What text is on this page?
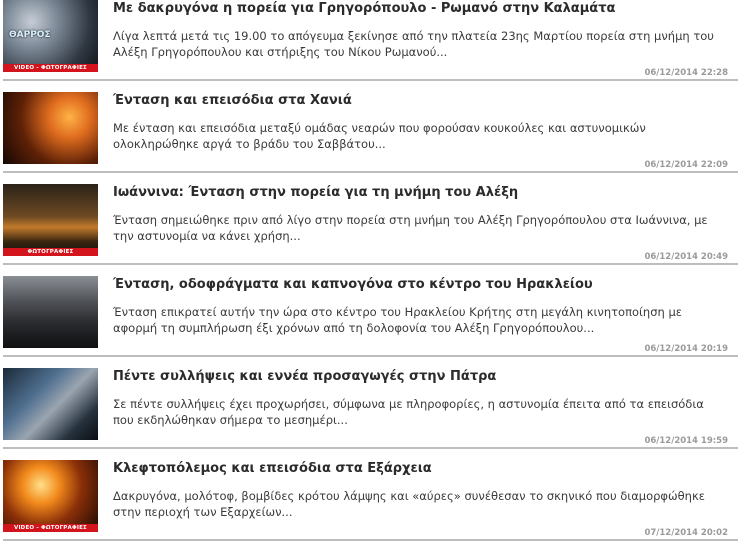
ΘΑΡΡΟΣ
VIDEO - ΦΩΤΟΓΡΑΦΙΕΣ
Με δακρυγόνα η πορεία για Γρηγορόπουλο - Ρωμανό στην Καλαμάτα
Λίγα λεπτά μετά τις 19.00 το απόγευμα ξεκίνησε από την πλατεία 23ης Μαρτίου πορεία στη μνήμη του Αλέξη Γρηγορόπουλου και στήριξης του Νίκου Ρωμανού...
06/12/2014 22:28
Ένταση και επεισόδια στα Χανιά
Με ένταση και επεισόδια μεταξύ ομάδας νεαρών που φορούσαν κουκούλες και αστυνομικών ολοκληρώθηκε αργά το βράδυ του Σαββάτου...
06/12/2014 22:09
ΦΩΤΟΓΡΑΦΙΕΣ
Ιωάννινα: Ένταση στην πορεία για τη μνήμη του Αλέξη
Ένταση σημειώθηκε πριν από λίγο στην πορεία στη μνήμη του Αλέξη Γρηγορόπουλου στα Ιωάννινα, με την αστυνομία να κάνει χρήση...
06/12/2014 20:49
Ένταση, οδοφράγματα και καπνογόνα στο κέντρο του Ηρακλείου
Ένταση επικρατεί αυτήν την ώρα στο κέντρο του Ηρακλείου Κρήτης στη μεγάλη κινητοποίηση με αφορμή τη συμπλήρωση έξι χρόνων από τη δολοφονία του Αλέξη Γρηγορόπουλου...
06/12/2014 20:19
Πέντε συλλήψεις και εννέα προσαγωγές στην Πάτρα
Σε πέντε συλλήψεις έχει προχωρήσει, σύμφωνα με πληροφορίες, η αστυνομία έπειτα από τα επεισόδια που εκδηλώθηκαν σήμερα το μεσημέρι...
06/12/2014 19:59
VIDEO - ΦΩΤΟΓΡΑΦΙΕΣ
Κλεφτοπόλεμος και επεισόδια στα Εξάρχεια
Δακρυγόνα, μολότοφ, βομβίδες κρότου λάμψης και «αύρες» συνέθεσαν το σκηνικό που διαμορφώθηκε στην περιοχή των Εξαρχείων...
07/12/2014 20:02
